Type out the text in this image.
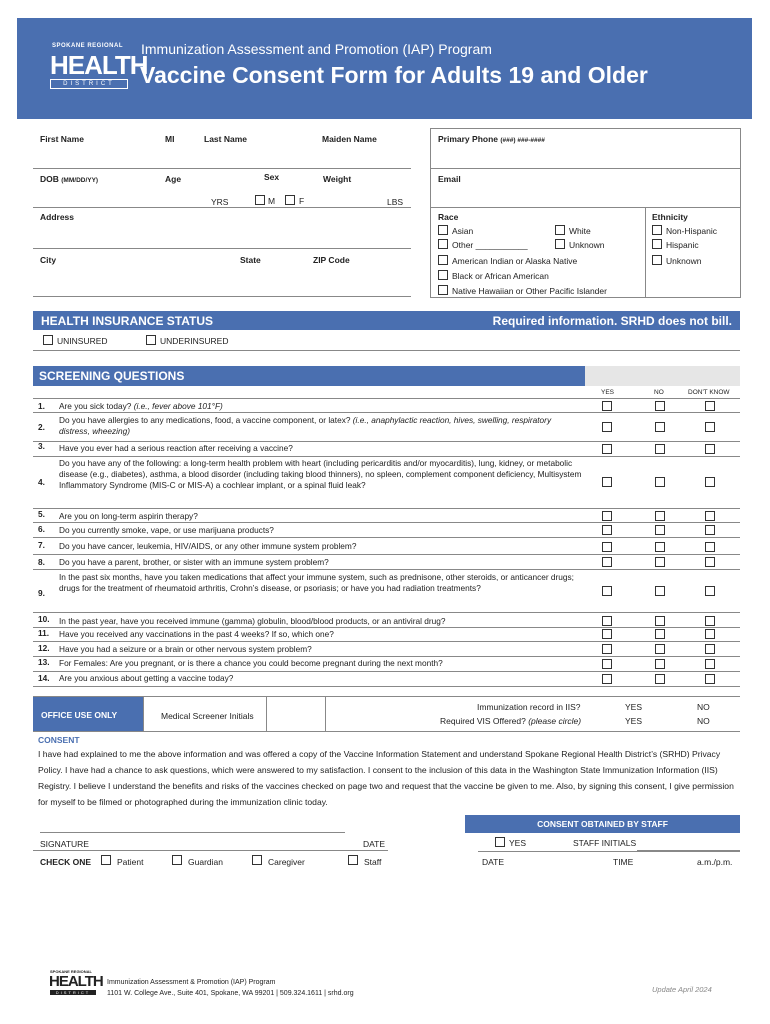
SPOKANE REGIONAL
HEALTH
DISTRICT
Immunization Assessment and Promotion (IAP) Program
Vaccine Consent Form for Adults 19 and Older
First Name	MI	Last Name	Maiden Name	Primary Phone (###) ###-####
DOB (MM/DD/YY)	Age
YRS
Sex
M	F
Weight
LBS
Email
Address
City	State	ZIP Code
Race
Asian	White
Other ___________	Unknown
American Indian or Alaska Native
Black or African American
Native Hawaiian or Other Pacific Islander
Ethnicity
Non-Hispanic
Hispanic
Unknown
HEALTH INSURANCE STATUS	Required information. SRHD does not bill.
UNINSURED	UNDERINSURED
SCREENING QUESTIONS
YES	NO	DON'T KNOW
1. Are you sick today? (i.e., fever above 101°F)
2.
Do you have allergies to any medications, food, a vaccine component, or latex? (i.e., anaphylactic reaction, hives, swelling, respiratory distress, wheezing)
3. Have you ever had a serious reaction after receiving a vaccine?
4.
Do you have any of the following: a long-term health problem with heart (including pericarditis and/or myocarditis), lung, kidney, or metabolic disease (e.g., diabetes), asthma, a blood disorder (including taking blood thinners), no spleen, complement component deficiency, Multisystem Inflammatory Syndrome (MIS-C or MIS-A) a cochlear implant, or a spinal fluid leak?
5. Are you on long-term aspirin therapy?
6. Do you currently smoke, vape, or use marijuana products?
7. Do you have cancer, leukemia, HIV/AIDS, or any other immune system problem?
8. Do you have a parent, brother, or sister with an immune system problem?
9.
In the past six months, have you taken medications that affect your immune system, such as prednisone, other steroids, or anticancer drugs; drugs for the treatment of rheumatoid arthritis, Crohn’s disease, or psoriasis; or have you had radiation treatments?
10. In the past year, have you received immune (gamma) globulin, blood/blood products, or an antiviral drug?
11. Have you received any vaccinations in the past 4 weeks? If so, which one?
12. Have you had a seizure or a brain or other nervous system problem?
13. For Females: Are you pregnant, or is there a chance you could become pregnant during the next month?
14. Are you anxious about getting a vaccine today?
OFFICE USE ONLY	Medical Screener Initials
Immunization record in IIS?
Required VIS Offered? (please circle)
YES	NO
YES	NO
CONSENT
I have had explained to me the above information and was offered a copy of the Vaccine Information Statement and understand Spokane Regional Health District’s (SRHD) Privacy Policy. I have had a chance to ask questions, which were answered to my satisfaction. I consent to the inclusion of this data in the Washington State Immunization Information (IIS) Registry. I believe I understand the benefits and risks of the vaccines checked on page two and request that the vaccine be given to me. Also, by signing this consent, I give permission for myself to be filmed or photographed during the immunization clinic today.
CONSENT OBTAINED BY STAFF
SIGNATURE	DATE	YES	STAFF INITIALS
CHECK ONE	Patient	Guardian	Caregiver	Staff	DATE	TIME	a.m./p.m.
SPOKANE REGIONAL
HEALTH
DISTRICT
Immunization Assessment & Promotion (IAP) Program
1101 W. College Ave., Suite 401, Spokane, WA 99201 | 509.324.1611 | srhd.org	Update April 2024
